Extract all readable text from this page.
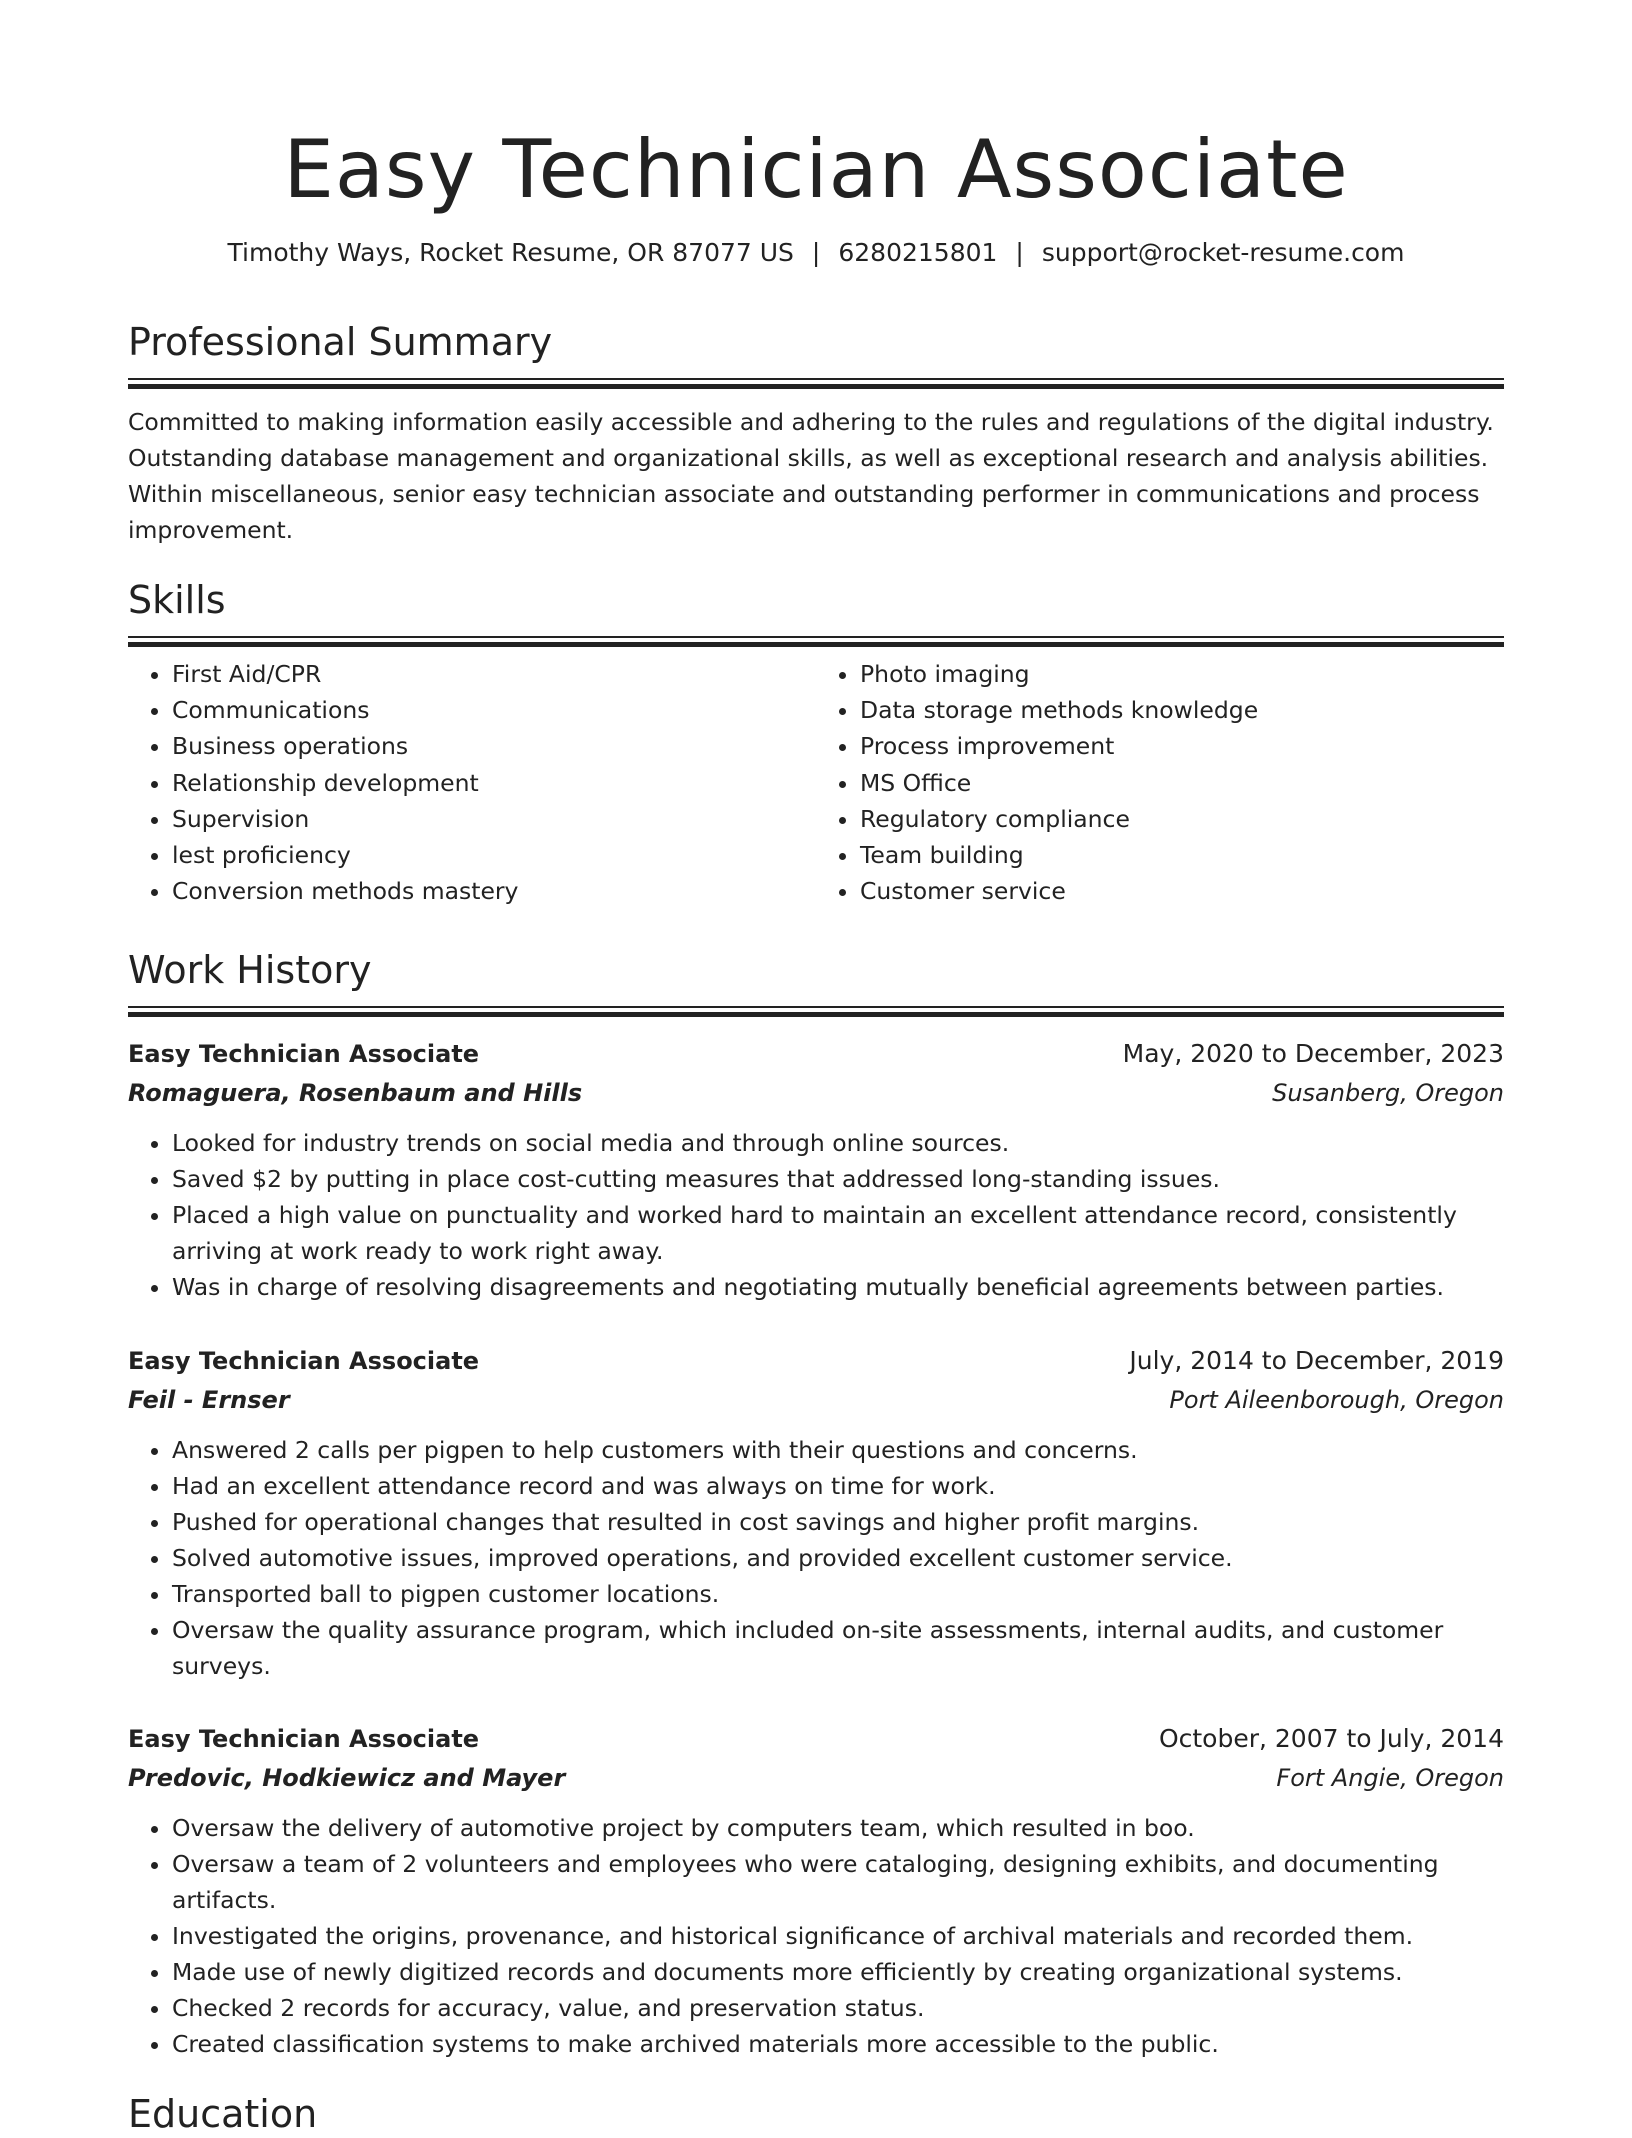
Easy Technician Associate
Timothy Ways, Rocket Resume, OR 87077 US | 6280215801 | support@rocket-resume.com
Professional Summary

Committed to making information easily accessible and adhering to the rules and regulations of the digital industry. Outstanding database management and organizational skills, as well as exceptional research and analysis abilities. Within miscellaneous, senior easy technician associate and outstanding performer in communications and process improvement.

Skills
• First Aid/CPR
• Communications
• Business operations
• Relationship development
• Supervision
• lest proficiency
• Conversion methods mastery
• Photo imaging
• Data storage methods knowledge
• Process improvement
• MS Office
• Regulatory compliance
• Team building
• Customer service
Work History
Easy Technician Associate	May, 2020 to December, 2023
Romaguera, Rosenbaum and Hills	Susanberg, Oregon
• Looked for industry trends on social media and through online sources.
• Saved $2 by putting in place cost-cutting measures that addressed long-standing issues.
• Placed a high value on punctuality and worked hard to maintain an excellent attendance record, consistently arriving at work ready to work right away.
• Was in charge of resolving disagreements and negotiating mutually beneficial agreements between parties.
Easy Technician Associate	July, 2014 to December, 2019
Feil - Ernser	Port Aileenborough, Oregon
• Answered 2 calls per pigpen to help customers with their questions and concerns.
• Had an excellent attendance record and was always on time for work.
• Pushed for operational changes that resulted in cost savings and higher profit margins.
• Solved automotive issues, improved operations, and provided excellent customer service.
• Transported ball to pigpen customer locations.
• Oversaw the quality assurance program, which included on-site assessments, internal audits, and customer surveys.
Easy Technician Associate	October, 2007 to July, 2014
Predovic, Hodkiewicz and Mayer	Fort Angie, Oregon
• Oversaw the delivery of automotive project by computers team, which resulted in boo.
• Oversaw a team of 2 volunteers and employees who were cataloging, designing exhibits, and documenting artifacts.
• Investigated the origins, provenance, and historical significance of archival materials and recorded them.
• Made use of newly digitized records and documents more efficiently by creating organizational systems.
• Checked 2 records for accuracy, value, and preservation status.
• Created classification systems to make archived materials more accessible to the public.
Education
